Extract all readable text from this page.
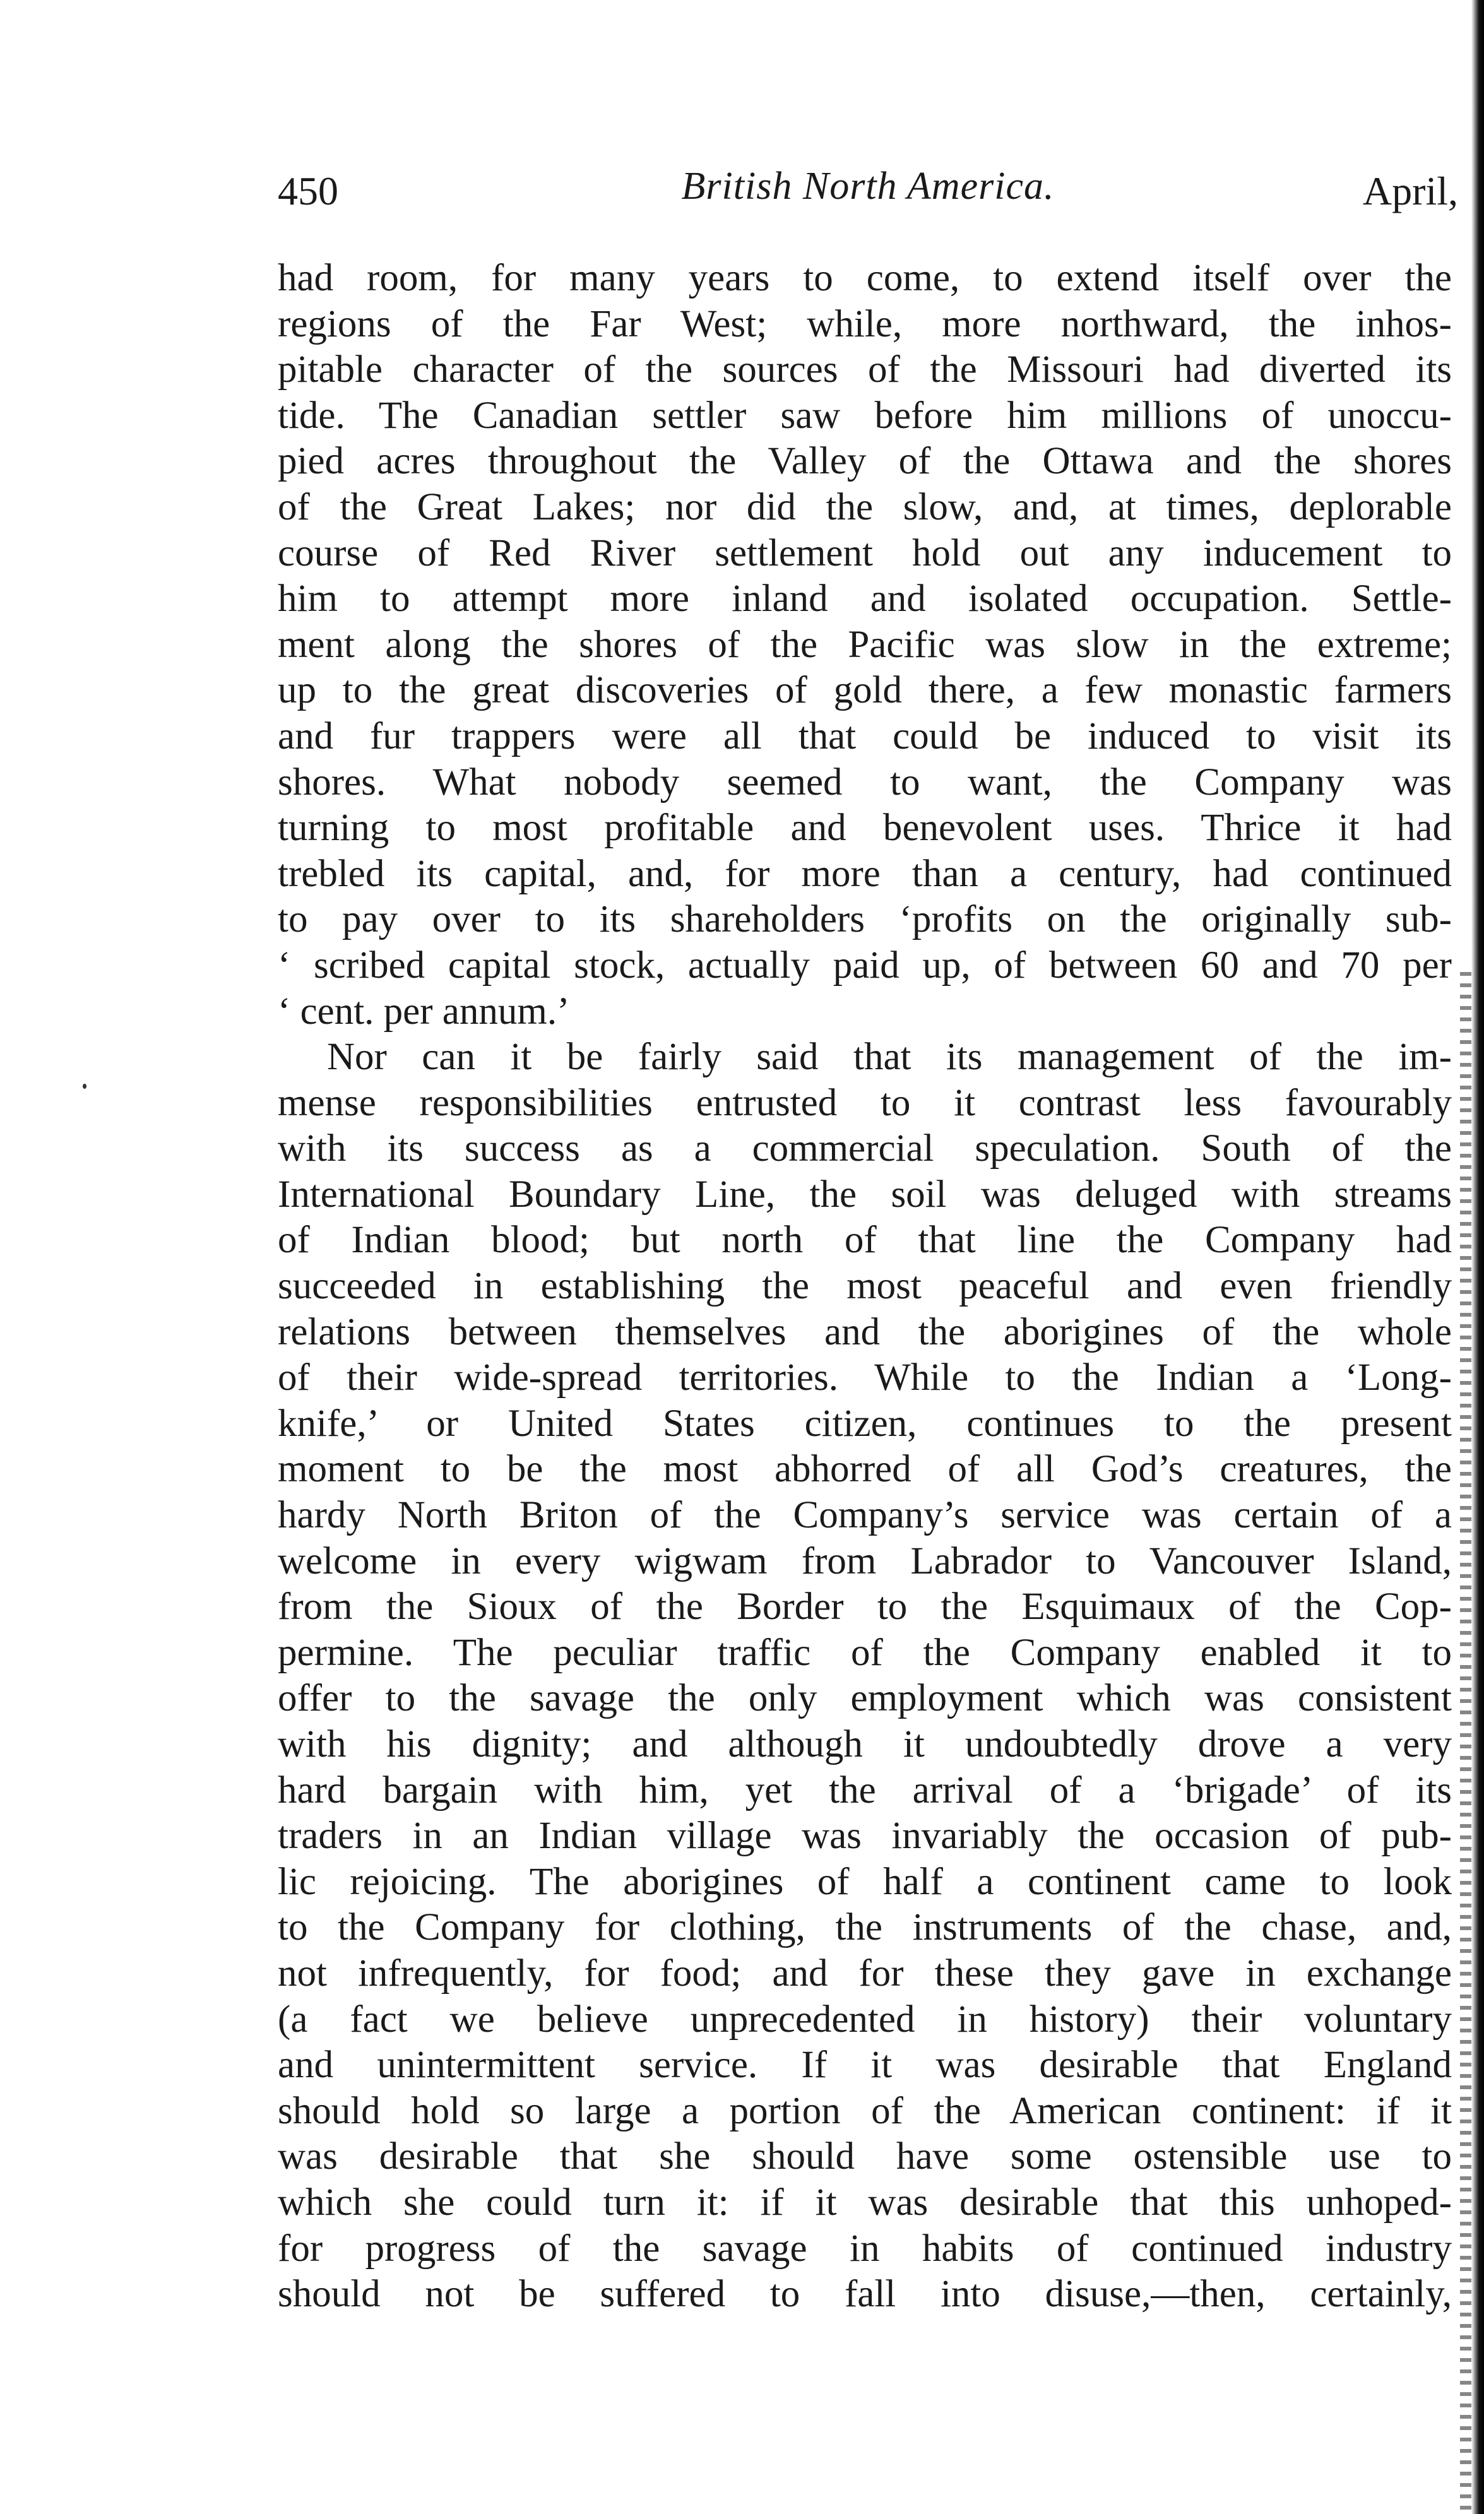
450	British North America.	April,
had room, for many years to come, to extend itself over the
regions of the Far West; while, more northward, the inhos-
pitable character of the sources of the Missouri had diverted its
tide. The Canadian settler saw before him millions of unoccu-
pied acres throughout the Valley of the Ottawa and the shores
of the Great Lakes; nor did the slow, and, at times, deplorable
course of Red River settlement hold out any inducement to
him to attempt more inland and isolated occupation. Settle-
ment along the shores of the Pacific was slow in the extreme;
up to the great discoveries of gold there, a few monastic farmers
and fur trappers were all that could be induced to visit its
shores. What nobody seemed to want, the Company was
turning to most profitable and benevolent uses. Thrice it had
trebled its capital, and, for more than a century, had continued
to pay over to its shareholders ‘profits on the originally sub-
‘ scribed capital stock, actually paid up, of between 60 and 70 per
‘ cent. per annum.’
Nor can it be fairly said that its management of the im-
mense responsibilities entrusted to it contrast less favourably
with its success as a commercial speculation. South of the
International Boundary Line, the soil was deluged with streams
of Indian blood; but north of that line the Company had
succeeded in establishing the most peaceful and even friendly
relations between themselves and the aborigines of the whole
of their wide-spread territories. While to the Indian a ‘Long-
knife,’ or United States citizen, continues to the present
moment to be the most abhorred of all God’s creatures, the
hardy North Briton of the Company’s service was certain of a
welcome in every wigwam from Labrador to Vancouver Island,
from the Sioux of the Border to the Esquimaux of the Cop-
permine. The peculiar traffic of the Company enabled it to
offer to the savage the only employment which was consistent
with his dignity; and although it undoubtedly drove a very
hard bargain with him, yet the arrival of a ‘brigade’ of its
traders in an Indian village was invariably the occasion of pub-
lic rejoicing. The aborigines of half a continent came to look
to the Company for clothing, the instruments of the chase, and,
not infrequently, for food; and for these they gave in exchange
(a fact we believe unprecedented in history) their voluntary
and unintermittent service. If it was desirable that England
should hold so large a portion of the American continent: if it
was desirable that she should have some ostensible use to
which she could turn it: if it was desirable that this unhoped-
for progress of the savage in habits of continued industry
should not be suffered to fall into disuse,—then, certainly,
